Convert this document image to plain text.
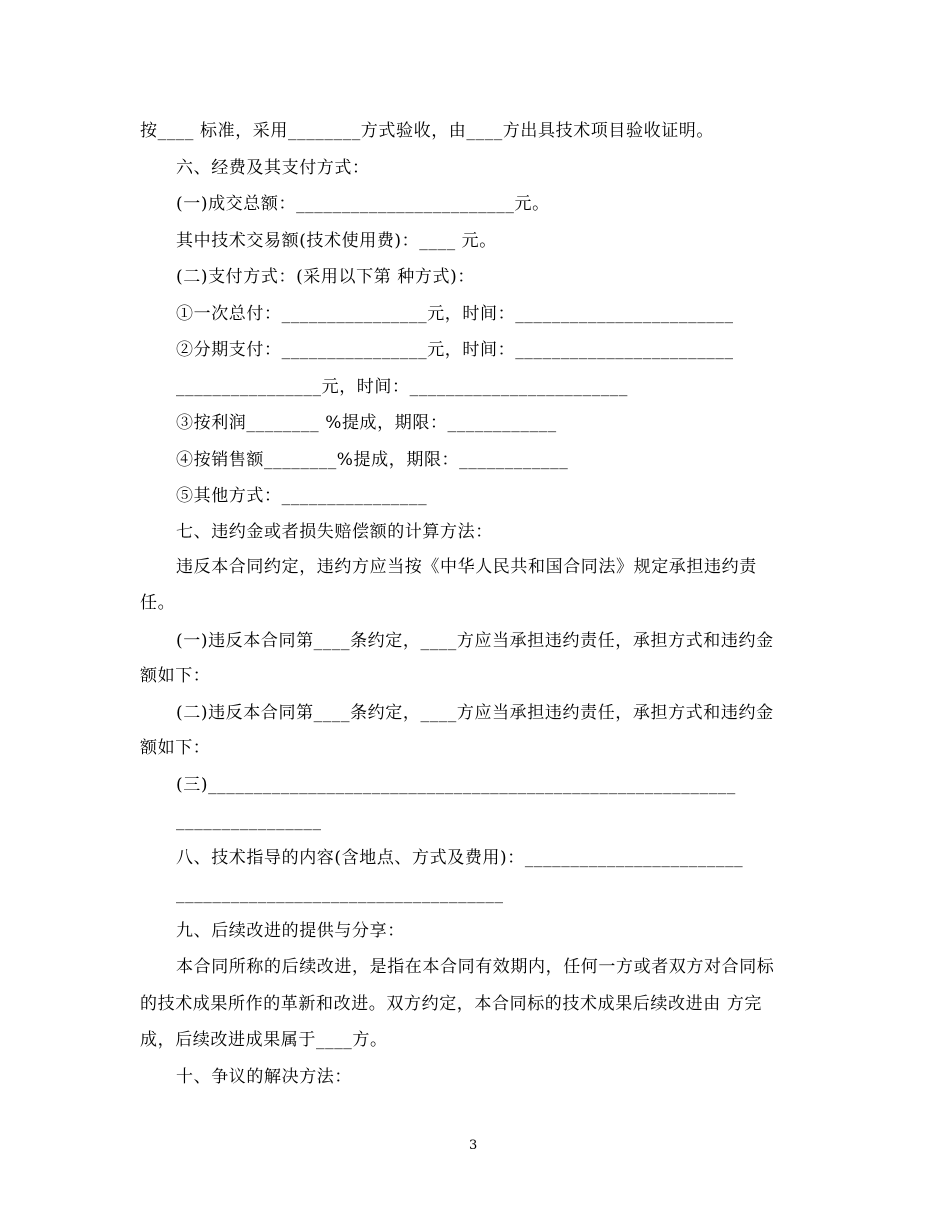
按____ 标准，采用________方式验收，由____方出具技术项目验收证明。
六、经费及其支付方式：
(一)成交总额：________________________元。
其中技术交易额(技术使用费)：____ 元。
(二)支付方式：(采用以下第 种方式)：
①一次总付：________________元，时间：________________________
②分期支付：________________元，时间：________________________
________________元，时间：________________________
③按利润________ %提成，期限：____________
④按销售额________%提成，期限：____________
⑤其他方式：________________
七、违约金或者损失赔偿额的计算方法：
违反本合同约定，违约方应当按《中华人民共和国合同法》规定承担违约责
任。
(一)违反本合同第____条约定，____方应当承担违约责任，承担方式和违约金
额如下：
(二)违反本合同第____条约定，____方应当承担违约责任，承担方式和违约金
额如下：
(三)__________________________________________________________
________________
八、技术指导的内容(含地点、方式及费用)：________________________
____________________________________
九、后续改进的提供与分享：
本合同所称的后续改进，是指在本合同有效期内，任何一方或者双方对合同标
的技术成果所作的革新和改进。双方约定，本合同标的技术成果后续改进由 方完
成，后续改进成果属于____方。
十、争议的解决方法：
3
